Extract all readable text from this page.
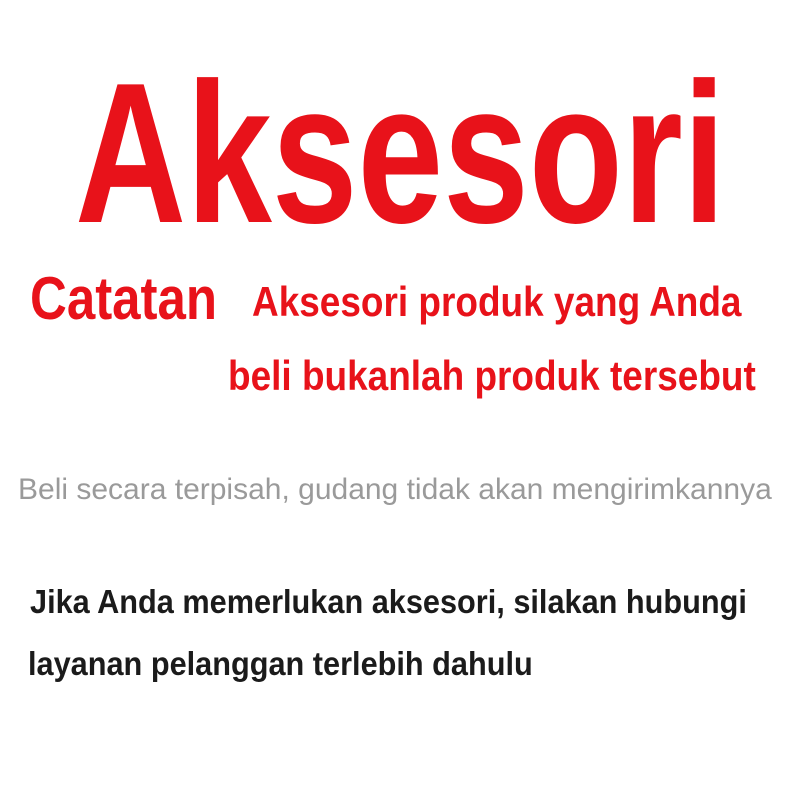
Aksesori
Catatan Aksesori produk yang Anda
beli bukanlah produk tersebut
Beli secara terpisah, gudang tidak akan mengirimkannya
Jika Anda memerlukan aksesori, silakan hubungi
layanan pelanggan terlebih dahulu
